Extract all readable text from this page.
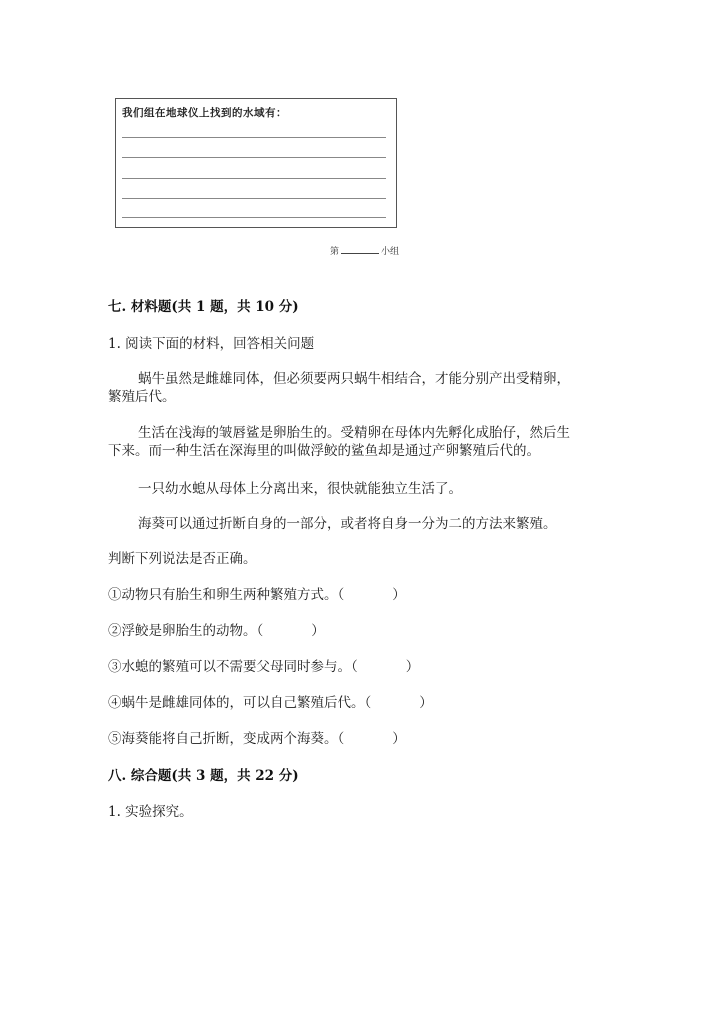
我们组在地球仪上找到的水域有：
第	小组
七. 材料题(共 1 题，共 10 分)
1. 阅读下面的材料，回答相关问题
蜗牛虽然是雌雄同体，但必须要两只蜗牛相结合，才能分别产出受精卵，
繁殖后代。
生活在浅海的皱唇鲨是卵胎生的。受精卵在母体内先孵化成胎仔，然后生
下来。而一种生活在深海里的叫做浮鲛的鲨鱼却是通过产卵繁殖后代的。
一只幼水螅从母体上分离出来，很快就能独立生活了。
海葵可以通过折断自身的一部分，或者将自身一分为二的方法来繁殖。
判断下列说法是否正确。
①动物只有胎生和卵生两种繁殖方式。（	）
②浮鲛是卵胎生的动物。（	）
③水螅的繁殖可以不需要父母同时参与。（	）
④蜗牛是雌雄同体的，可以自己繁殖后代。（	）
⑤海葵能将自己折断，变成两个海葵。（	）
八. 综合题(共 3 题，共 22 分)
1. 实验探究。
